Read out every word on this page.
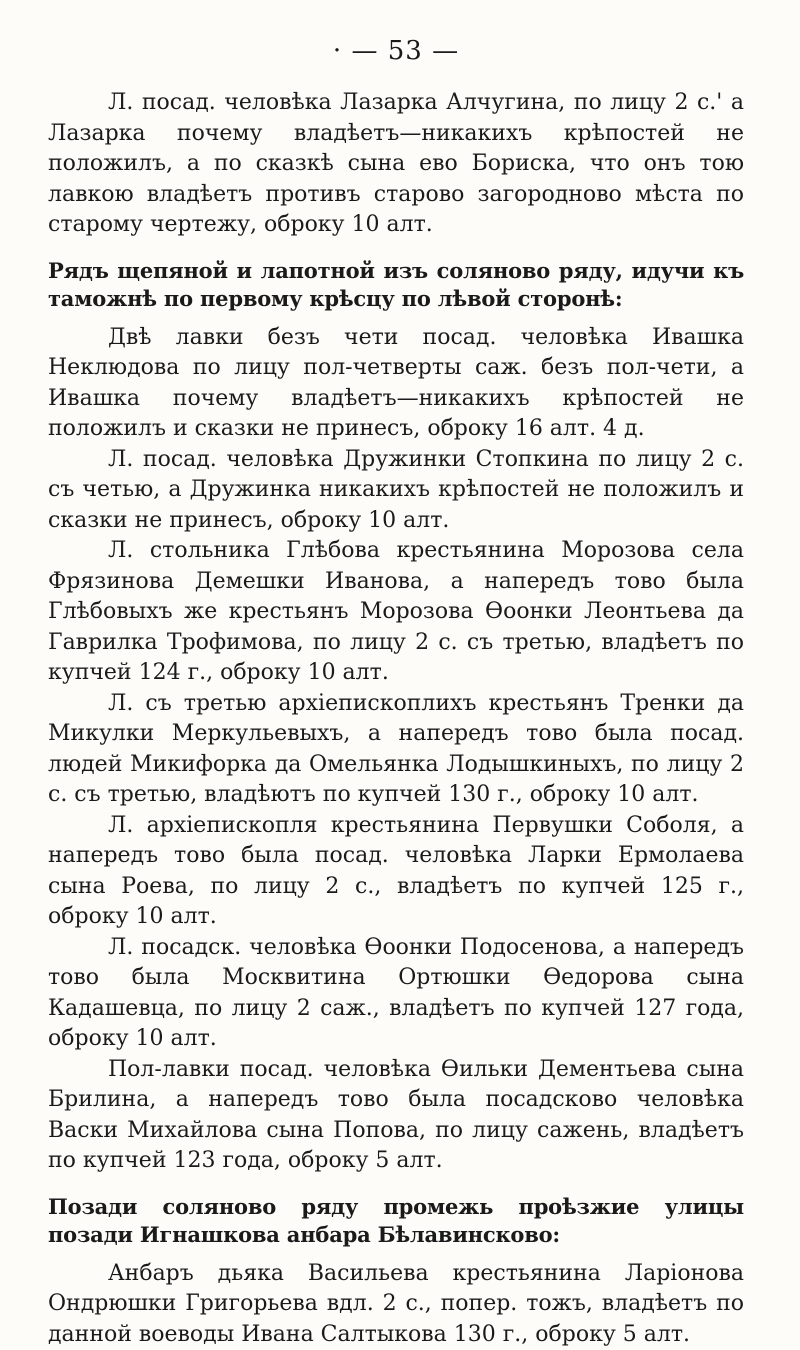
· — 53 —

Л. посад. человѣка Лазарка Алчугина, по лицу 2 с.' а Лазарка почему владѣетъ—никакихъ крѣпостей не положилъ, а по сказкѣ сына ево Бориска, что онъ тою лавкою владѣетъ противъ старово загородново мѣста по старому чертежу, оброку 10 алт.

Рядъ щепяной и лапотной изъ соляново ряду, идучи къ таможнѣ по первому крѣсцу по лѣвой сторонѣ:

Двѣ лавки безъ чети посад. человѣка Ивашка Неклюдова по лицу пол-четверты саж. безъ пол-чети, а Ивашка почему владѣетъ—никакихъ крѣпостей не положилъ и сказки не принесъ, оброку 16 алт. 4 д.

Л. посад. человѣка Дружинки Стопкина по лицу 2 с. съ четью, а Дружинка никакихъ крѣпостей не положилъ и сказки не принесъ, оброку 10 алт.

Л. стольника Глѣбова крестьянина Морозова села Фрязинова Демешки Иванова, а напередъ тово была Глѣбовыхъ же крестьянъ Морозова Ѳоонки Леонтьева да Гаврилка Трофимова, по лицу 2 с. съ третью, владѣетъ по купчей 124 г., оброку 10 алт.

Л. съ третью архіепископлихъ крестьянъ Тренки да Микулки Меркульевыхъ, а напередъ тово была посад. людей Микифорка да Омельянка Лодышкиныхъ, по лицу 2 с. съ третью, владѣютъ по купчей 130 г., оброку 10 алт.

Л. архіепископля крестьянина Первушки Соболя, а напередъ тово была посад. человѣка Ларки Ермолаева сына Роева, по лицу 2 с., владѣетъ по купчей 125 г., оброку 10 алт.

Л. посадск. человѣка Ѳоонки Подосенова, а напередъ тово была Москвитина Ортюшки Ѳедорова сына Кадашевца, по лицу 2 саж., владѣетъ по купчей 127 года, оброку 10 алт.

Пол-лавки посад. человѣка Ѳильки Дементьева сына Брилина, а напередъ тово была посадсково человѣка Васки Михайлова сына Попова, по лицу сажень, владѣетъ по купчей 123 года, оброку 5 алт.

Позади соляново ряду промежь проѣзжие улицы позади Игнашкова анбара Бѣлавинсково:

Анбаръ дьяка Васильева крестьянина Ларіонова Ондрюшки Григорьева вдл. 2 с., попер. тожъ, владѣетъ по данной воеводы Ивана Салтыкова 130 г., оброку 5 алт.
